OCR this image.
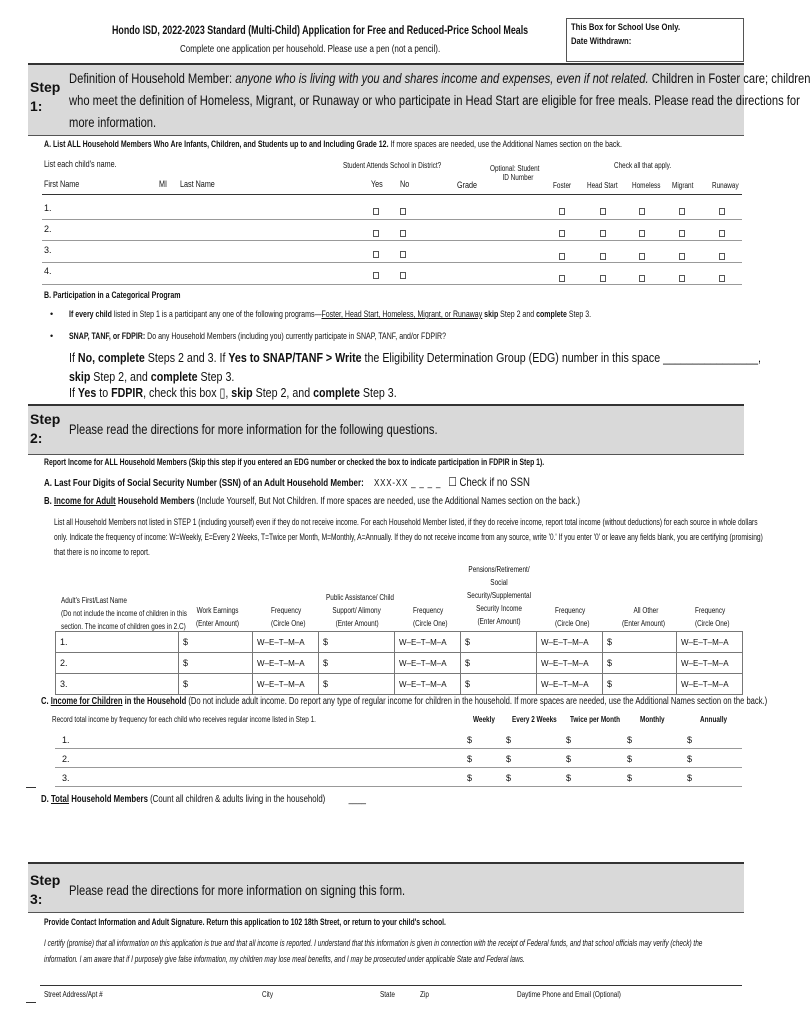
Hondo ISD, 2022-2023 Standard (Multi-Child) Application for Free and Reduced-Price School Meals
Complete one application per household. Please use a pen (not a pencil).
This Box for School Use Only.
Date Withdrawn:
Step
1:
Definition of Household Member: anyone who is living with you and shares income and expenses, even if not related. Children in Foster care; children
who meet the definition of Homeless, Migrant, or Runaway or who participate in Head Start are eligible for free meals. Please read the directions for
more information.
A. List ALL Household Members Who Are Infants, Children, and Students up to and Including Grade 12. If more spaces are needed, use the Additional Names section on the back.
List each child's name.	Student Attends School in District?	Optional: Student
ID Number
Check all that apply.
First Name	MI Last Name	Yes No	Grade	Foster Head Start Homeless Migrant Runaway
1.
2.
3.
4.
B. Participation in a Categorical Program
• If every child listed in Step 1 is a participant any one of the following programs—Foster, Head Start, Homeless, Migrant, or Runaway skip Step 2 and complete Step 3.
• SNAP, TANF, or FDPIR: Do any Household Members (including you) currently participate in SNAP, TANF, and/or FDPIR?
If No, complete Steps 2 and 3. If Yes to SNAP/TANF > Write the Eligibility Determination Group (EDG) number in this space ________________,
skip Step 2, and complete Step 3.
If Yes to FDPIR, check this box ▯, skip Step 2, and complete Step 3.
Step
2:
Please read the directions for more information for the following questions.
Report Income for ALL Household Members (Skip this step if you entered an EDG number or checked the box to indicate participation in FDPIR in Step 1).
A. Last Four Digits of Social Security Number (SSN) of an Adult Household Member: XXX-XX _ _ _ _ ☐ Check if no SSN
B. Income for Adult Household Members (Include Yourself, But Not Children. If more spaces are needed, use the Additional Names section on the back.)
List all Household Members not listed in STEP 1 (including yourself) even if they do not receive income. For each Household Member listed, if they do receive income, report total income (without deductions) for each source in whole dollars
only. Indicate the frequency of income: W=Weekly, E=Every 2 Weeks, T=Twice per Month, M=Monthly, A=Annually. If they do not receive income from any source, write '0.' If you enter '0' or leave any fields blank, you are certifying (promising)
that there is no income to report.
Adult's First/Last Name
(Do not include the income of children in this
section. The income of children goes in 2.C)
Work Earnings
(Enter Amount)
Frequency
(Circle One)
Public Assistance/ Child
Support/ Alimony
(Enter Amount)
Frequency
(Circle One)
Pensions/Retirement/
Social
Security/Supplemental
Security Income
(Enter Amount)
Frequency
(Circle One)
All Other
(Enter Amount)
Frequency
(Circle One)
1.	$	W–E–T–M–A	$	W–E–T–M–A	$	W–E–T–M–A	$	W–E–T–M–A
2.	$	W–E–T–M–A	$	W–E–T–M–A	$	W–E–T–M–A	$	W–E–T–M–A
3.	$	W–E–T–M–A	$	W–E–T–M–A	$	W–E–T–M–A	$	W–E–T–M–A
C. Income for Children in the Household (Do not include adult income. Do report any type of regular income for children in the household. If more spaces are needed, use the Additional Names section on the back.)
Record total income by frequency for each child who receives regular income listed in Step 1.	Weekly Every 2 Weeks Twice per Month Monthly	Annually
1.	$	$	$	$	$
2.	$	$	$	$	$
3.	$	$	$	$	$
D. Total Household Members (Count all children & adults living in the household) ____
Step
3:
Please read the directions for more information on signing this form.
Provide Contact Information and Adult Signature. Return this application to 102 18th Street, or return to your child's school.
I certify (promise) that all information on this application is true and that all income is reported. I understand that this information is given in connection with the receipt of Federal funds, and that school officials may verify (check) the
information. I am aware that if I purposely give false information, my children may lose meal benefits, and I may be prosecuted under applicable State and Federal laws.
Street Address/Apt #	City	State	Zip	Daytime Phone and Email (Optional)
